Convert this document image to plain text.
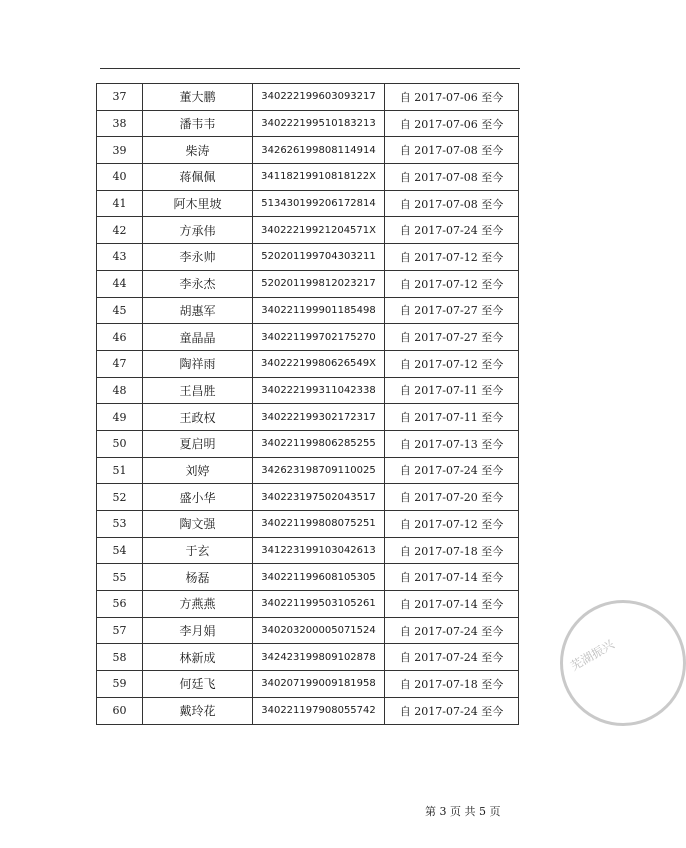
37	董大鹏	340222199603093217	自 2017-07-06 至今
38	潘韦韦	340222199510183213	自 2017-07-06 至今
39	柴涛	342626199808114914	自 2017-07-08 至今
40	蒋佩佩	34118219910818122X	自 2017-07-08 至今
41	阿木里坡	513430199206172814	自 2017-07-08 至今
42	方承伟	34022219921204571X	自 2017-07-24 至今
43	李永帅	520201199704303211	自 2017-07-12 至今
44	李永杰	520201199812023217	自 2017-07-12 至今
45	胡惠军	340221199901185498	自 2017-07-27 至今
46	童晶晶	340221199702175270	自 2017-07-27 至今
47	陶祥雨	34022219980626549X	自 2017-07-12 至今
48	王昌胜	340222199311042338	自 2017-07-11 至今
49	王政权	340222199302172317	自 2017-07-11 至今
50	夏启明	340221199806285255	自 2017-07-13 至今
51	刘婷	342623198709110025	自 2017-07-24 至今
52	盛小华	340223197502043517	自 2017-07-20 至今
53	陶文强	340221199808075251	自 2017-07-12 至今
54	于玄	341223199103042613	自 2017-07-18 至今
55	杨磊	340221199608105305	自 2017-07-14 至今
56	方燕燕	340221199503105261	自 2017-07-14 至今
57	李月娟	340203200005071524	自 2017-07-24 至今
58	林新成	342423199809102878	自 2017-07-24 至今
59	何廷飞	340207199009181958	自 2017-07-18 至今
60	戴玲花	340221197908055742	自 2017-07-24 至今
芜湖振兴
第 3 页 共 5 页
